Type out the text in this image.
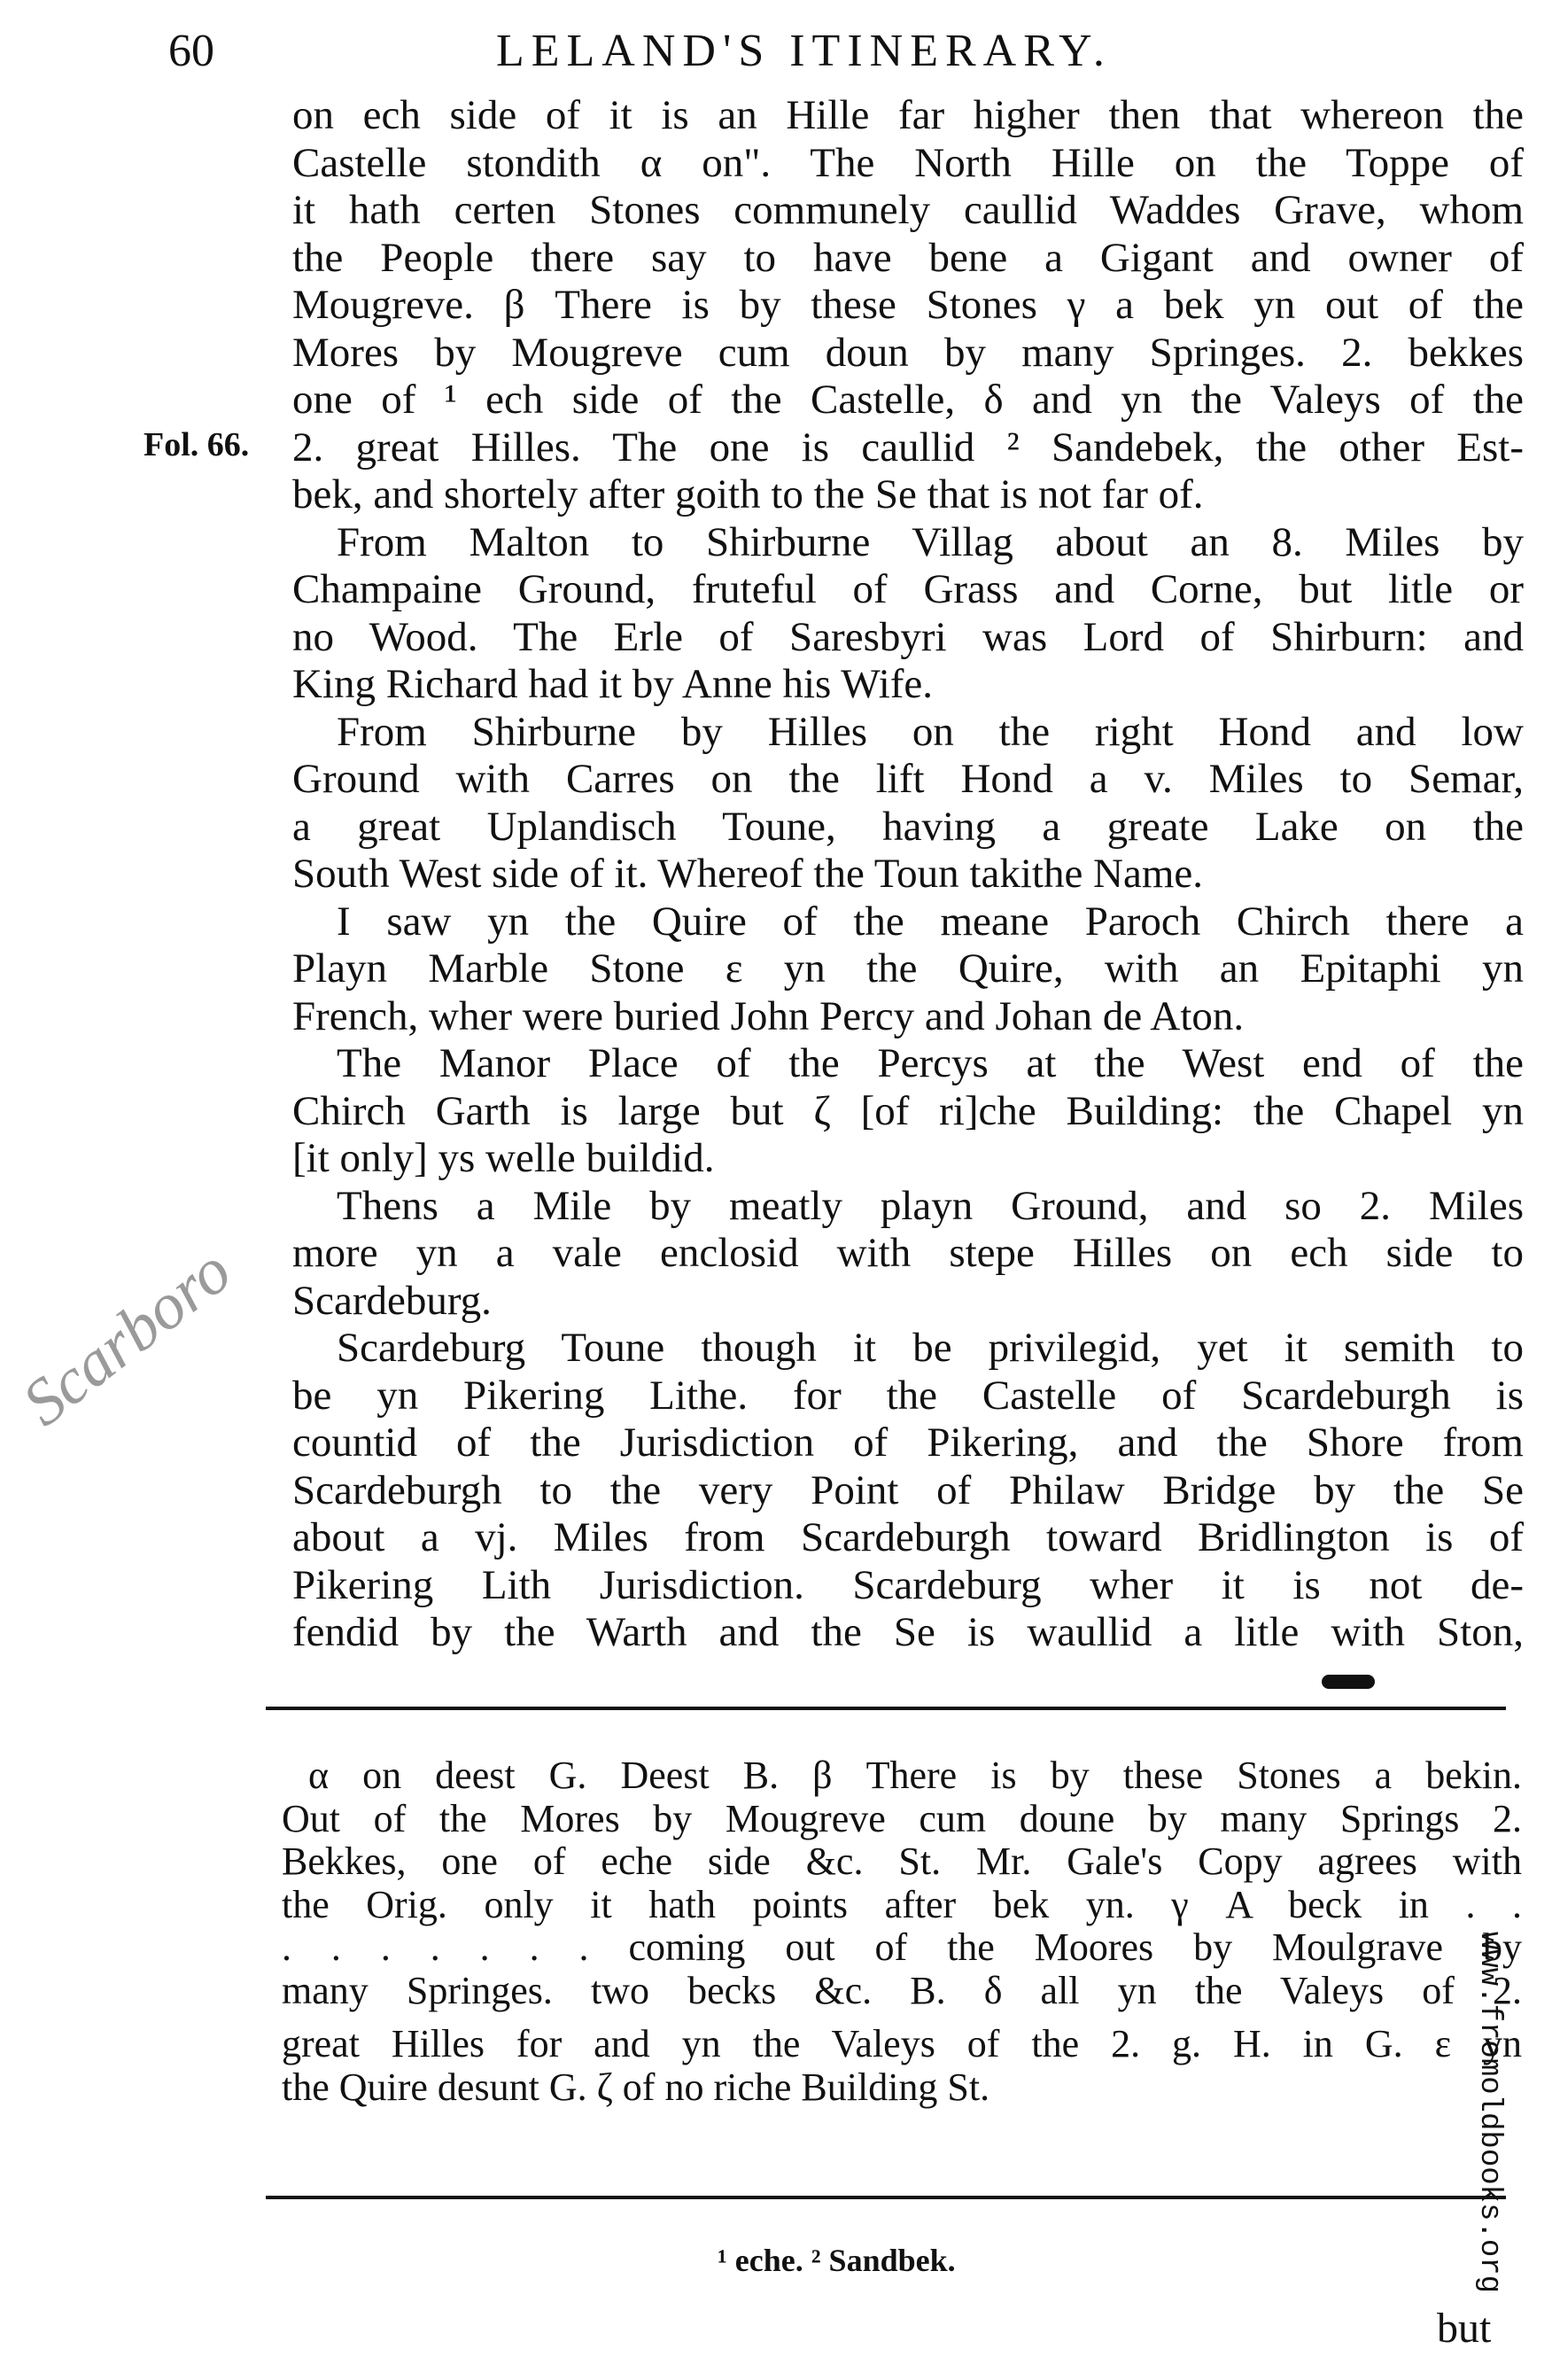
60	LELAND'S ITINERARY.
Fol. 66.
on ech side of it is an Hille far higher then that whereon the
Castelle stondith α on". The North Hille on the Toppe of
it hath certen Stones communely caullid Waddes Grave, whom
the People there say to have bene a Gigant and owner of
Mougreve. β There is by these Stones γ a bek yn out of the
Mores by Mougreve cum doun by many Springes. 2. bekkes
one of ¹ ech side of the Castelle, δ and yn the Valeys of the
2. great Hilles. The one is caullid ² Sandebek, the other Est-
bek, and shortely after goith to the Se that is not far of.
From Malton to Shirburne Villag about an 8. Miles by
Champaine Ground, fruteful of Grass and Corne, but litle or
no Wood. The Erle of Saresbyri was Lord of Shirburn: and
King Richard had it by Anne his Wife.
From Shirburne by Hilles on the right Hond and low
Ground with Carres on the lift Hond a v. Miles to Semar,
a great Uplandisch Toune, having a greate Lake on the
South West side of it. Whereof the Toun takithe Name.
I saw yn the Quire of the meane Paroch Chirch there a
Playn Marble Stone ε yn the Quire, with an Epitaphi yn
French, wher were buried John Percy and Johan de Aton.
The Manor Place of the Percys at the West end of the
Chirch Garth is large but ζ [of ri]che Building: the Chapel yn
[it only] ys welle buildid.
Thens a Mile by meatly playn Ground, and so 2. Miles
more yn a vale enclosid with stepe Hilles on ech side to
Scardeburg.
Scardeburg Toune though it be privilegid, yet it semith to
be yn Pikering Lithe. for the Castelle of Scardeburgh is
countid of the Jurisdiction of Pikering, and the Shore from
Scardeburgh to the very Point of Philaw Bridge by the Se
about a vj. Miles from Scardeburgh toward Bridlington is of
Pikering Lith Jurisdiction. Scardeburg wher it is not de-
fendid by the Warth and the Se is waullid a litle with Ston,
α on deest G. Deest B. β There is by these Stones a bekin.
Out of the Mores by Mougreve cum doune by many Springs 2.
Bekkes, one of eche side &c. St. Mr. Gale's Copy agrees with
the Orig. only it hath points after bek yn. γ A beck in . .
. . . . . . . coming out of the Moores by Moulgrave by
many Springes. two becks &c. B. δ all yn the Valeys of 2.
great Hilles for and yn the Valeys of the 2. g. H. in G. ε yn
the Quire desunt G. ζ of no riche Building St.
¹ eche. ² Sandbek.
but
Scarboro
www.fromoldbooks.org
